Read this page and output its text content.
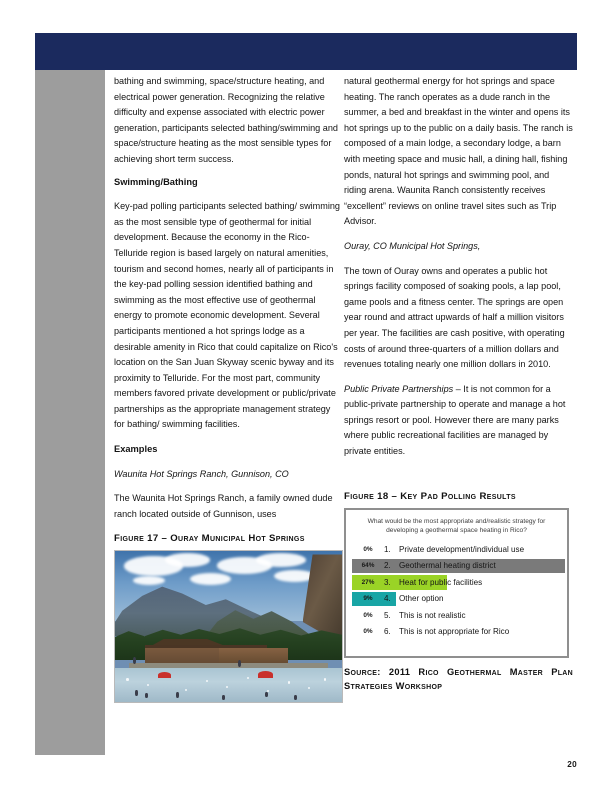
bathing and swimming, space/structure heating, and electrical power generation. Recognizing the relative difficulty and expense associated with electric power generation, participants selected bathing/swimming and space/structure heating as the most sensible types for achieving short term success.

Swimming/Bathing

Key-pad polling participants selected bathing/ swimming as the most sensible type of geothermal for initial development. Because the economy in the Rico-Telluride region is based largely on natural amenities, tourism and second homes, nearly all of participants in the key-pad polling session identified bathing and swimming as the most effective use of geothermal energy to promote economic development. Several participants mentioned a hot springs lodge as a desirable amenity in Rico that could capitalize on Rico's location on the San Juan Skyway scenic byway and its proximity to Telluride. For the most part, community members favored private development or public/private partnerships as the appropriate management strategy for bathing/ swimming facilities.

Examples

Waunita Hot Springs Ranch, Gunnison, CO

The Waunita Hot Springs Ranch, a family owned dude ranch located outside of Gunnison, uses

Figure 17 – Ouray Municipal Hot Springs

natural geothermal energy for hot springs and space heating. The ranch operates as a dude ranch in the summer, a bed and breakfast in the winter and opens its hot springs up to the public on a daily basis. The ranch is composed of a main lodge, a secondary lodge, a barn with meeting space and music hall, a dining hall, fishing ponds, natural hot springs and swimming pool, and riding arena. Waunita Ranch consistently receives “excellent” reviews on online travel sites such as Trip Advisor.

Ouray, CO Municipal Hot Springs,

The town of Ouray owns and operates a public hot springs facility composed of soaking pools, a lap pool, game pools and a fitness center. The springs are open year round and attract upwards of half a million visitors per year. The facilities are cash positive, with operating costs of around three-quarters of a million dollars and revenues totaling nearly one million dollars in 2010.

Public Private Partnerships – It is not common for a public-private partnership to operate and manage a hot springs resort or pool. However there are many parks where public recreational facilities are managed by private entities.

Figure 18 – Key Pad Polling Results
What would be the most appropriate and/realistic strategy for developing a geothermal space heating in Rico?
0%	1.	Private development/individual use
64%	2.	Geothermal heating district
27%	3.	Heat for public facilities
9%	4.	Other option
0%	5.	This is not realistic
0%	6.	This is not appropriate for Rico
Source: 2011 Rico Geothermal Master Plan Strategies Workshop
20
